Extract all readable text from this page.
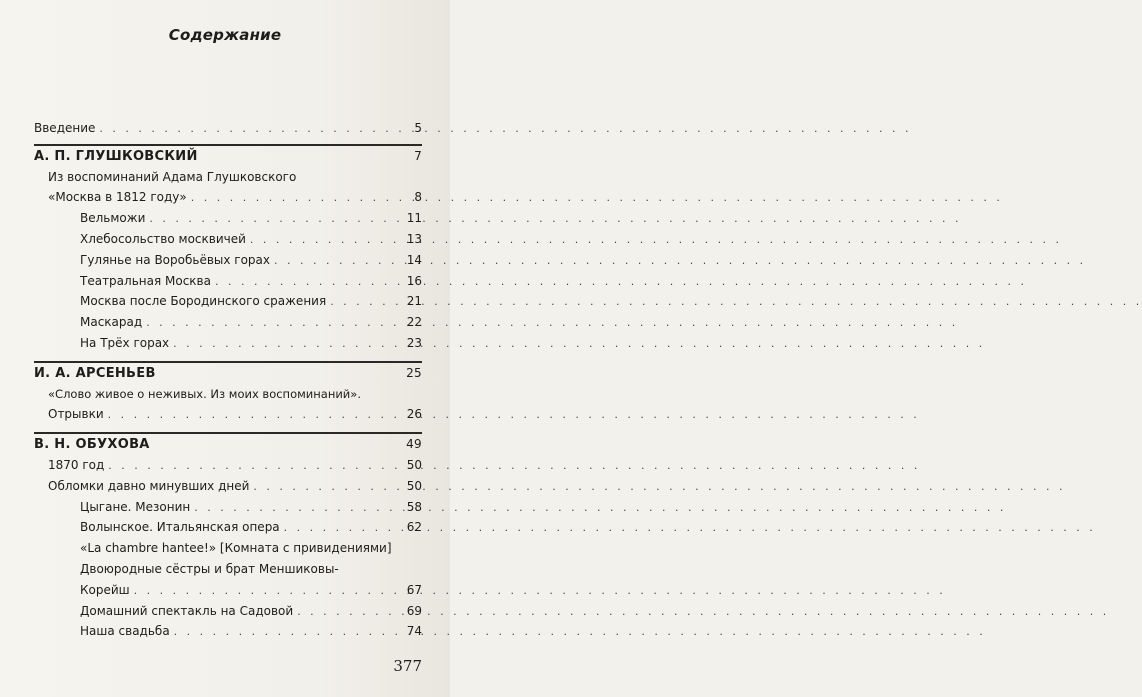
Содержание
Введение . . .	5
А. П. ГЛУШКОВСКИЙ	7
Из воспоминаний Адама Глушковского
«Москва в 1812 году» . . .	8
Вельможи . . .	11
Хлебосольство москвичей . . .	13
Гулянье на Воробьёвых горах . . .	14
Театральная Москва . . .	16
Москва после Бородинского сражения . . .	21
Маскарад . . .	22
На Трёх горах . . .	23
И. А. АРСЕНЬЕВ	25
«Слово живое о неживых. Из моих воспоминаний».
Отрывки . . .	26
В. Н. ОБУХОВА	49
1870 год . . .	50
Обломки давно минувших дней . . .	50
Цыгане. Мезонин . . .	58
Волынское. Итальянская опера . . .	62
«La chambre hantee!» [Комната с привидениями]
Двоюродные сёстры и брат Меншиковы-
Корейш . . .	67
Домашний спектакль на Садовой . . .	69
Наша свадьба . . .	74
377
